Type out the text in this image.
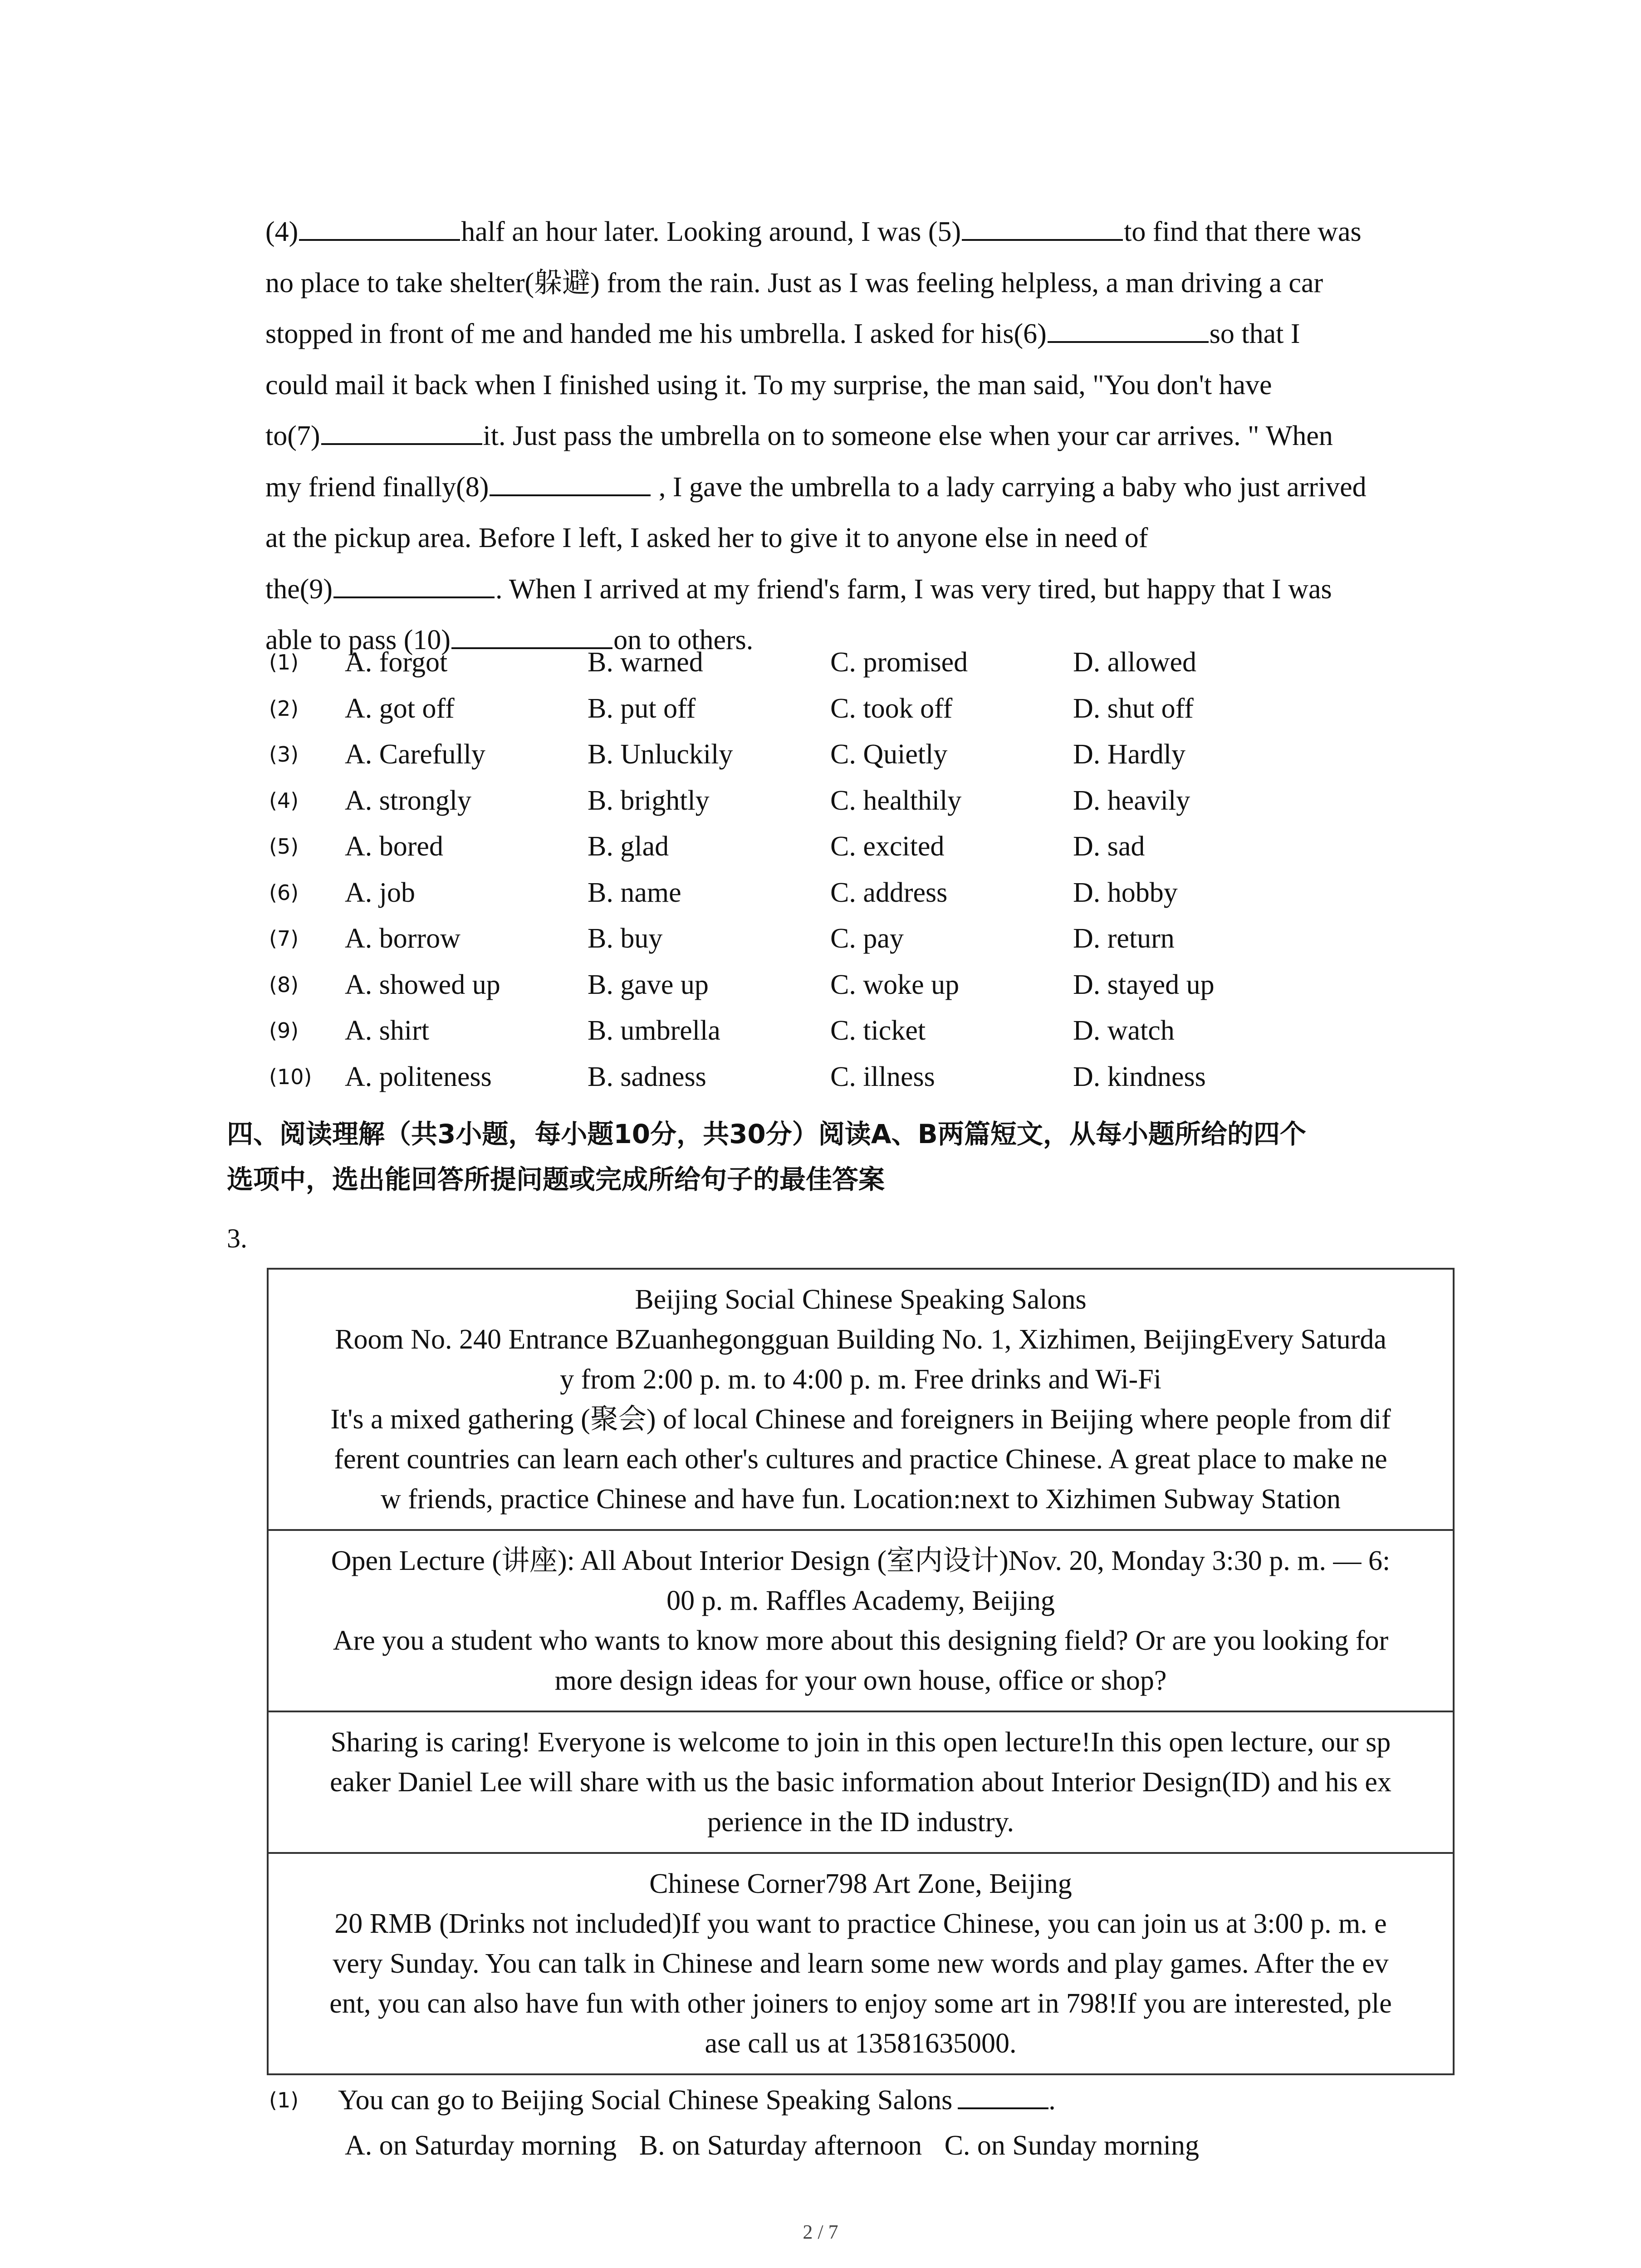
(4)	half an hour later. Looking around, I was (5)	to find that there was
no place to take shelter(躲避) from the rain. Just as I was feeling helpless, a man driving a car
stopped in front of me and handed me his umbrella. I asked for his(6)	so that I
could mail it back when I finished using it. To my surprise, the man said, "You don't have
to(7)	it. Just pass the umbrella on to someone else when your car arrives. " When
my friend finally(8)	, I gave the umbrella to a lady carrying a baby who just arrived
at the pickup area. Before I left, I asked her to give it to anyone else in need of
the(9)	. When I arrived at my friend's farm, I was very tired, but happy that I was
able to pass (10)	on to others.
(1) A. forgot	B. warned	C. promised	D. allowed
(2) A. got off	B. put off	C. took off	D. shut off
(3) A. Carefully	B. Unluckily	C. Quietly	D. Hardly
(4) A. strongly	B. brightly	C. healthily	D. heavily
(5) A. bored	B. glad	C. excited	D. sad
(6) A. job	B. name	C. address	D. hobby
(7) A. borrow	B. buy	C. pay	D. return
(8) A. showed up	B. gave up	C. woke up	D. stayed up
(9) A. shirt	B. umbrella	C. ticket	D. watch
(10) A. politeness	B. sadness	C. illness	D. kindness
四、阅读理解（共3小题，每小题10分，共30分）阅读A、B两篇短文，从每小题所给的四个
选项中，选出能回答所提问题或完成所给句子的最佳答案
3.
Beijing Social Chinese Speaking Salons
Room No. 240 Entrance BZuanhegongguan Building No. 1, Xizhimen, BeijingEvery Saturda
y from 2:00 p. m. to 4:00 p. m. Free drinks and Wi-Fi
It's a mixed gathering (聚会) of local Chinese and foreigners in Beijing where people from dif
ferent countries can learn each other's cultures and practice Chinese. A great place to make ne
w friends, practice Chinese and have fun. Location:next to Xizhimen Subway Station
Open Lecture (讲座): All About Interior Design (室内设计)Nov. 20, Monday 3:30 p. m. — 6:
00 p. m. Raffles Academy, Beijing
Are you a student who wants to know more about this designing field? Or are you looking for
more design ideas for your own house, office or shop?
Sharing is caring! Everyone is welcome to join in this open lecture!In this open lecture, our sp
eaker Daniel Lee will share with us the basic information about Interior Design(ID) and his ex
perience in the ID industry.
Chinese Corner798 Art Zone, Beijing
20 RMB (Drinks not included)If you want to practice Chinese, you can join us at 3:00 p. m. e
very Sunday. You can talk in Chinese and learn some new words and play games. After the ev
ent, you can also have fun with other joiners to enjoy some art in 798!If you are interested, ple
ase call us at 13581635000.
(1) You can go to Beijing Social Chinese Speaking Salons	.
A. on Saturday morning B. on Saturday afternoon C. on Sunday morning
2 / 7
